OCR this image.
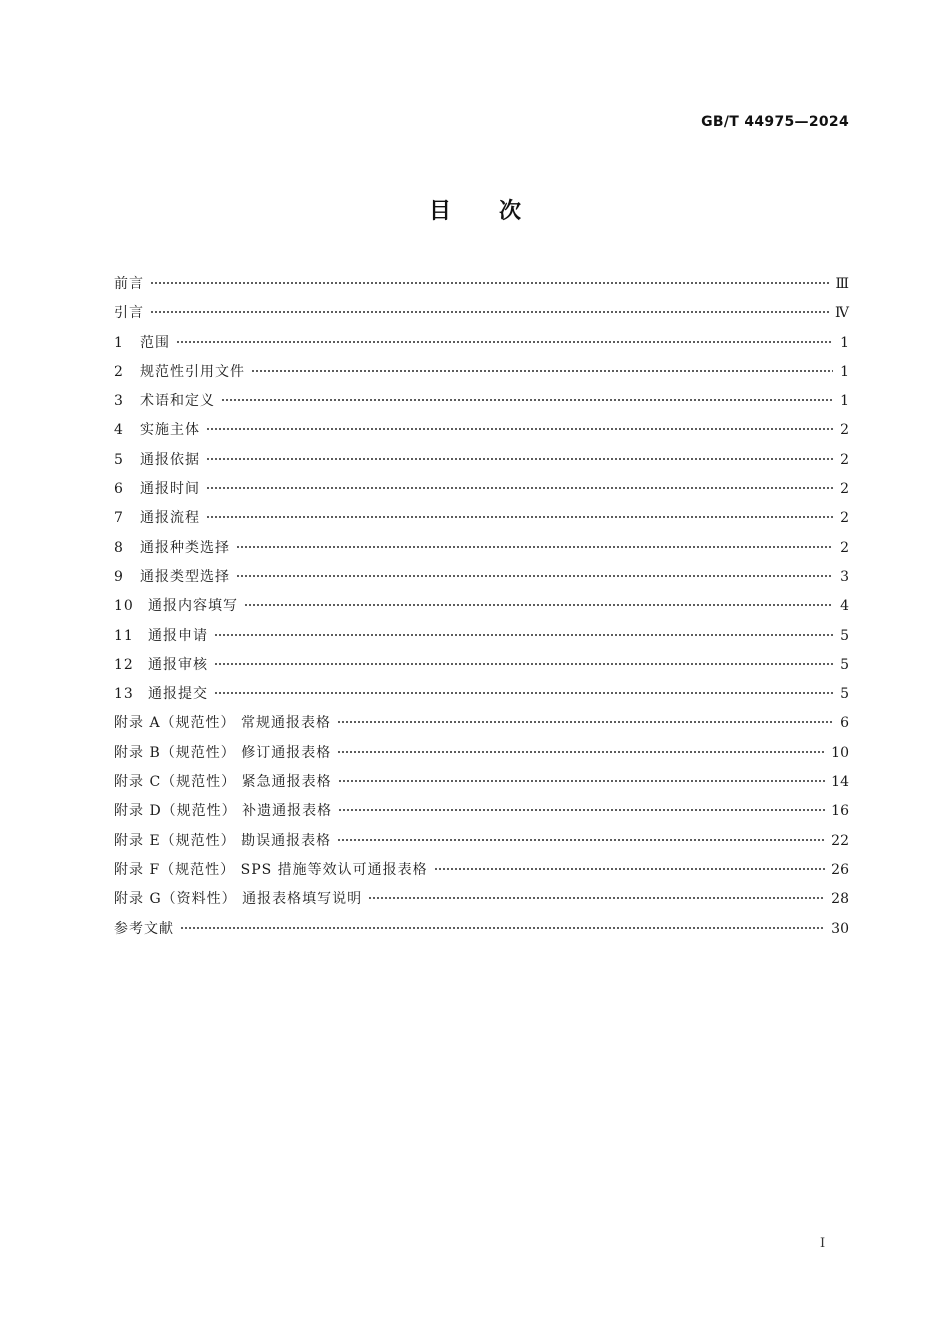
GB/T 44975—2024
目次
前言	Ⅲ
引言	Ⅳ
1 范围	1
2 规范性引用文件	1
3 术语和定义	1
4 实施主体	2
5 通报依据	2
6 通报时间	2
7 通报流程	2
8 通报种类选择	2
9 通报类型选择	3
10 通报内容填写	4
11 通报申请	5
12 通报审核	5
13 通报提交	5
附录 A（规范性） 常规通报表格	6
附录 B（规范性） 修订通报表格	10
附录 C（规范性） 紧急通报表格	14
附录 D（规范性） 补遗通报表格	16
附录 E（规范性） 勘误通报表格	22
附录 F（规范性） SPS 措施等效认可通报表格	26
附录 G（资料性） 通报表格填写说明	28
参考文献	30
I
